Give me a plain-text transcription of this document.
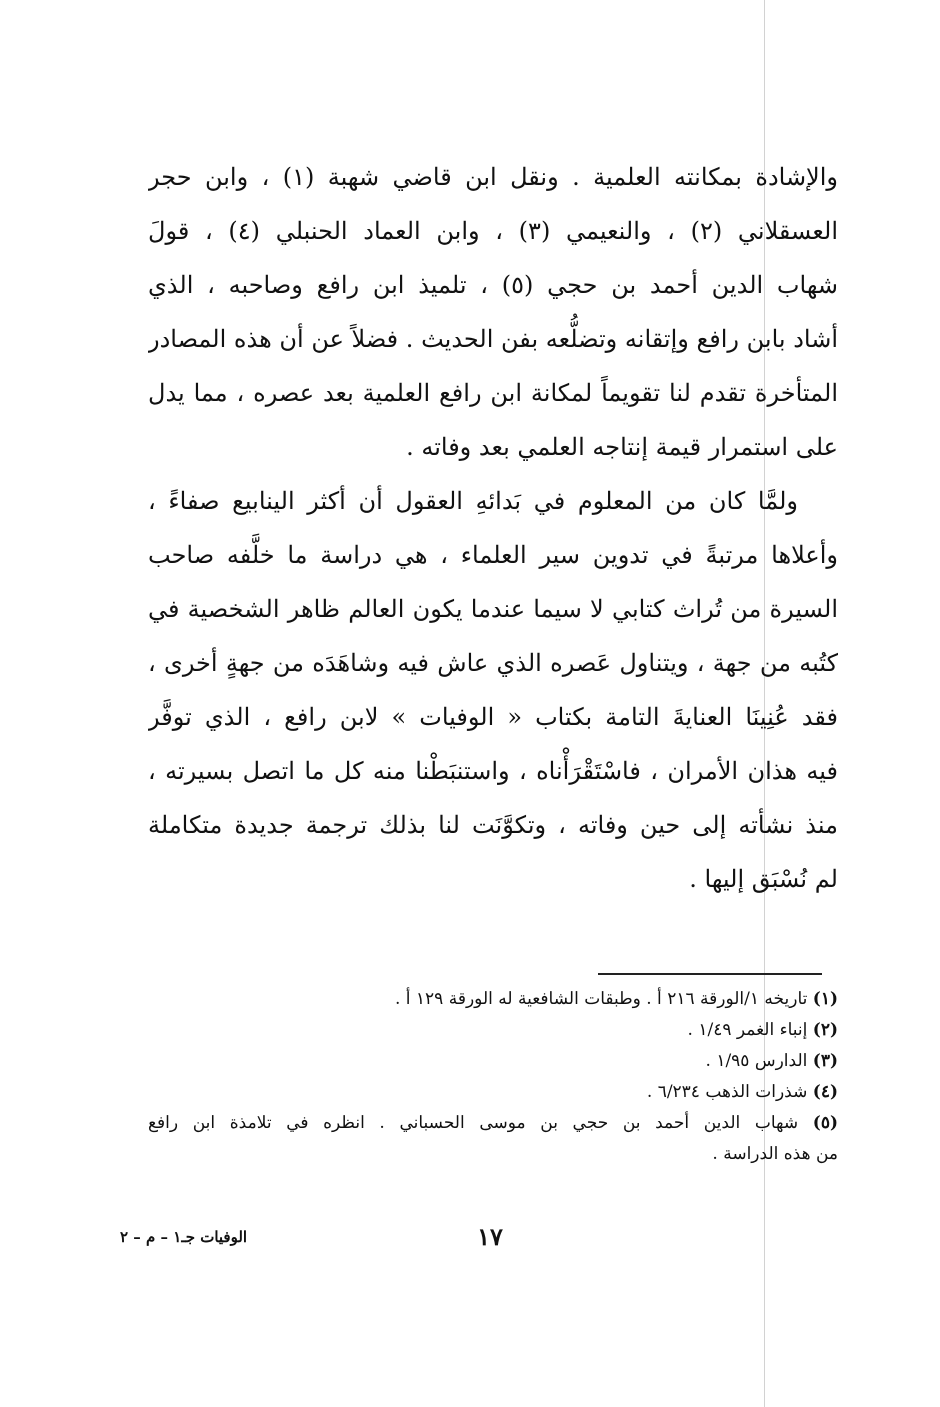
والإشادة بمكانته العلمية . ونقل ابن قاضي شهبة (١) ، وابن حجر
العسقلاني (٢) ، والنعيمي (٣) ، وابن العماد الحنبلي (٤) ، قولَ
شهاب الدين أحمد بن حجي (٥) ، تلميذ ابن رافع وصاحبه ، الذي
أشاد بابن رافع وإتقانه وتضلُّعه بفن الحديث . فضلاً عن أن هذه المصادر
المتأخرة تقدم لنا تقويماً لمكانة ابن رافع العلمية بعد عصره ، مما يدل
على استمرار قيمة إنتاجه العلمي بعد وفاته .
ولمَّا كان من المعلوم في بَدائهِ العقول أن أكثر الينابيع صفاءً ،
وأعلاها مرتبةً في تدوين سير العلماء ، هي دراسة ما خلَّفه صاحب
السيرة من تُراث كتابي لا سيما عندما يكون العالم ظاهر الشخصية في
كتُبه من جهة ، ويتناول عَصره الذي عاش فيه وشاهَدَه من جهةٍ أخرى ،
فقد عُنِينَا العنايةَ التامة بكتاب « الوفيات » لابن رافع ، الذي توفَّر
فيه هذان الأمران ، فاسْتَقْرَأْناه ، واستنبَطْنا منه كل ما اتصل بسيرته ،
منذ نشأته إلى حين وفاته ، وتكوَّنَت لنا بذلك ترجمة جديدة متكاملة
لم نُسْبَق إليها .
(١) تاريخه ١/الورقة ٢١٦ أ . وطبقات الشافعية له الورقة ١٢٩ أ .
(٢) إنباء الغمر ١/٤٩ .
(٣) الدارس ١/٩٥ .
(٤) شذرات الذهب ٦/٢٣٤ .
(٥) شهاب الدين أحمد بن حجي بن موسى الحسباني . انظره في تلامذة ابن رافع
من هذه الدراسة .
١٧
الوفيات جـ١ – م – ٢
